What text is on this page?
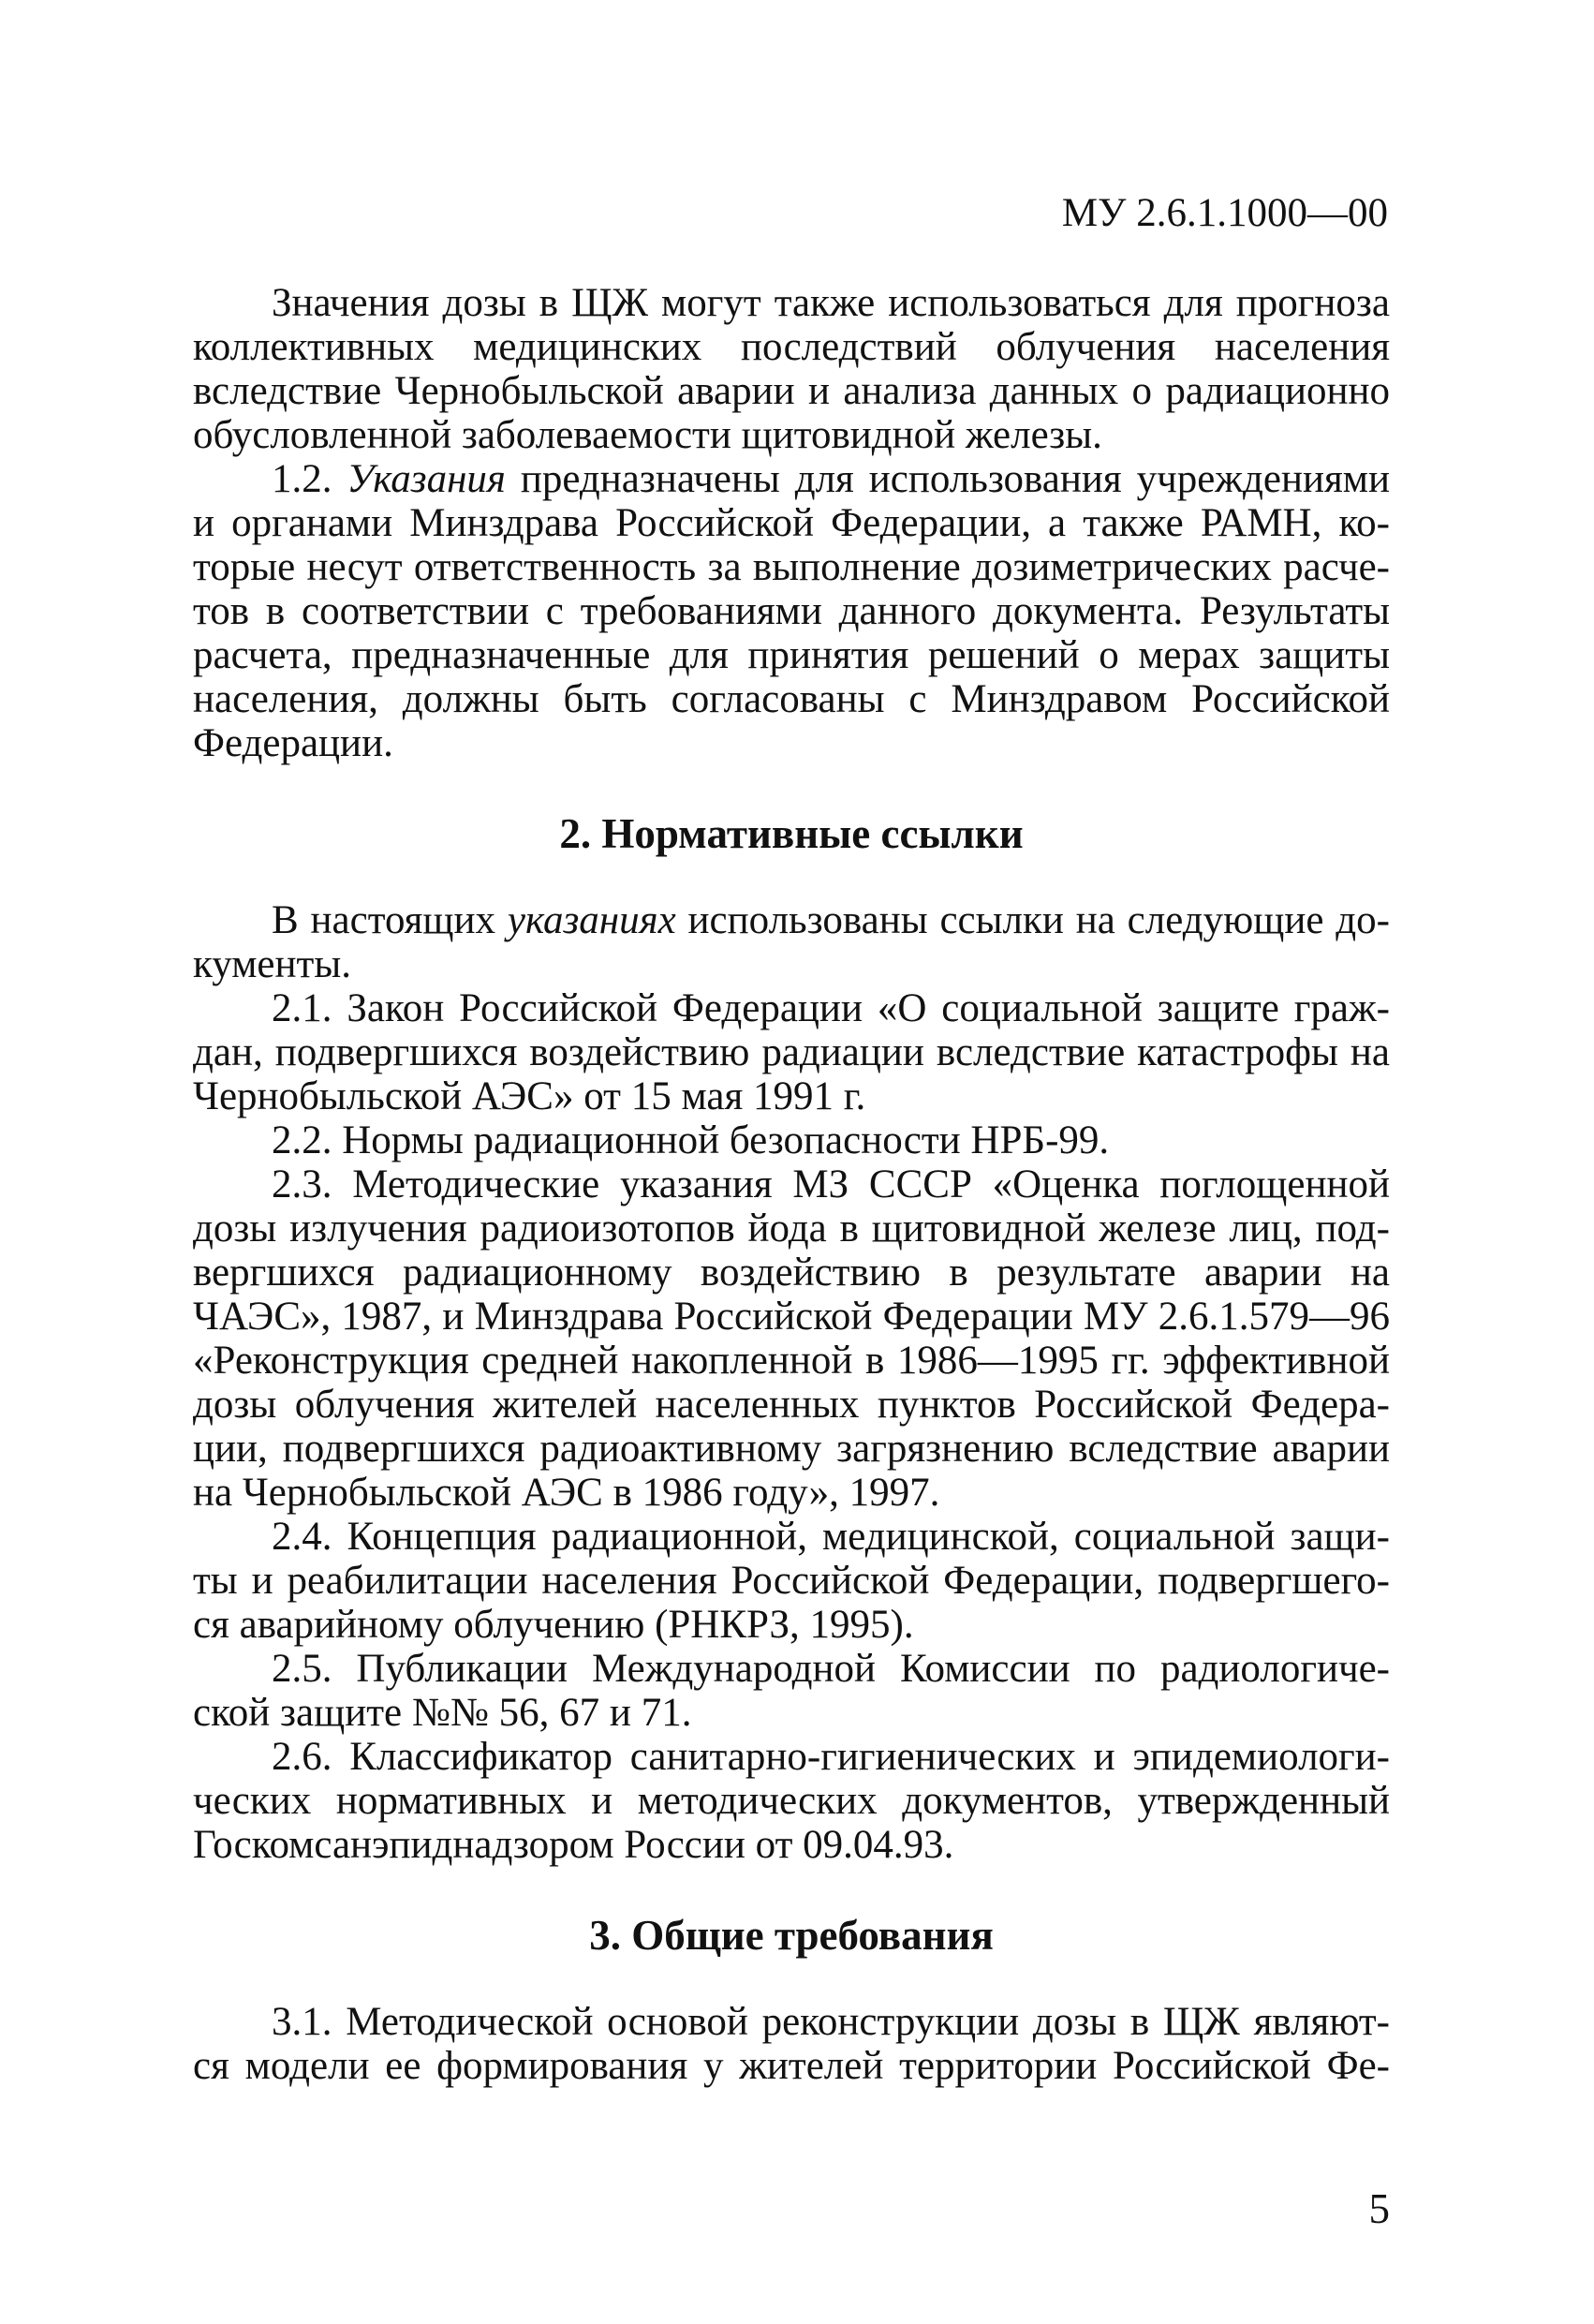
МУ 2.6.1.1000—00
Значения дозы в ЩЖ могут также использоваться для прогноза
коллективных медицинских последствий облучения населения
вследствие Чернобыльской аварии и анализа данных о радиационно
обусловленной заболеваемости щитовидной железы.
1.2. Указания предназначены для использования учреждениями
и органами Минздрава Российской Федерации, а также РАМН, ко-
торые несут ответственность за выполнение дозиметрических расче-
тов в соответствии с требованиями данного документа. Результаты
расчета, предназначенные для принятия решений о мерах защиты
населения, должны быть согласованы с Минздравом Российской
Федерации.
2. Нормативные ссылки
В настоящих указаниях использованы ссылки на следующие до-
кументы.
2.1. Закон Российской Федерации «О социальной защите граж-
дан, подвергшихся воздействию радиации вследствие катастрофы на
Чернобыльской АЭС» от 15 мая 1991 г.
2.2. Нормы радиационной безопасности НРБ-99.
2.3. Методические указания МЗ СССР «Оценка поглощенной
дозы излучения радиоизотопов йода в щитовидной железе лиц, под-
вергшихся радиационному воздействию в результате аварии на
ЧАЭС», 1987, и Минздрава Российской Федерации МУ 2.6.1.579—96
«Реконструкция средней накопленной в 1986—1995 гг. эффективной
дозы облучения жителей населенных пунктов Российской Федера-
ции, подвергшихся радиоактивному загрязнению вследствие аварии
на Чернобыльской АЭС в 1986 году», 1997.
2.4. Концепция радиационной, медицинской, социальной защи-
ты и реабилитации населения Российской Федерации, подвергшего-
ся аварийному облучению (РНКРЗ, 1995).
2.5. Публикации Международной Комиссии по радиологиче-
ской защите №№ 56, 67 и 71.
2.6. Классификатор санитарно-гигиенических и эпидемиологи-
ческих нормативных и методических документов, утвержденный
Госкомсанэпиднадзором России от 09.04.93.
3. Общие требования
3.1. Методической основой реконструкции дозы в ЩЖ являют-
ся модели ее формирования у жителей территории Российской Фе-
5
